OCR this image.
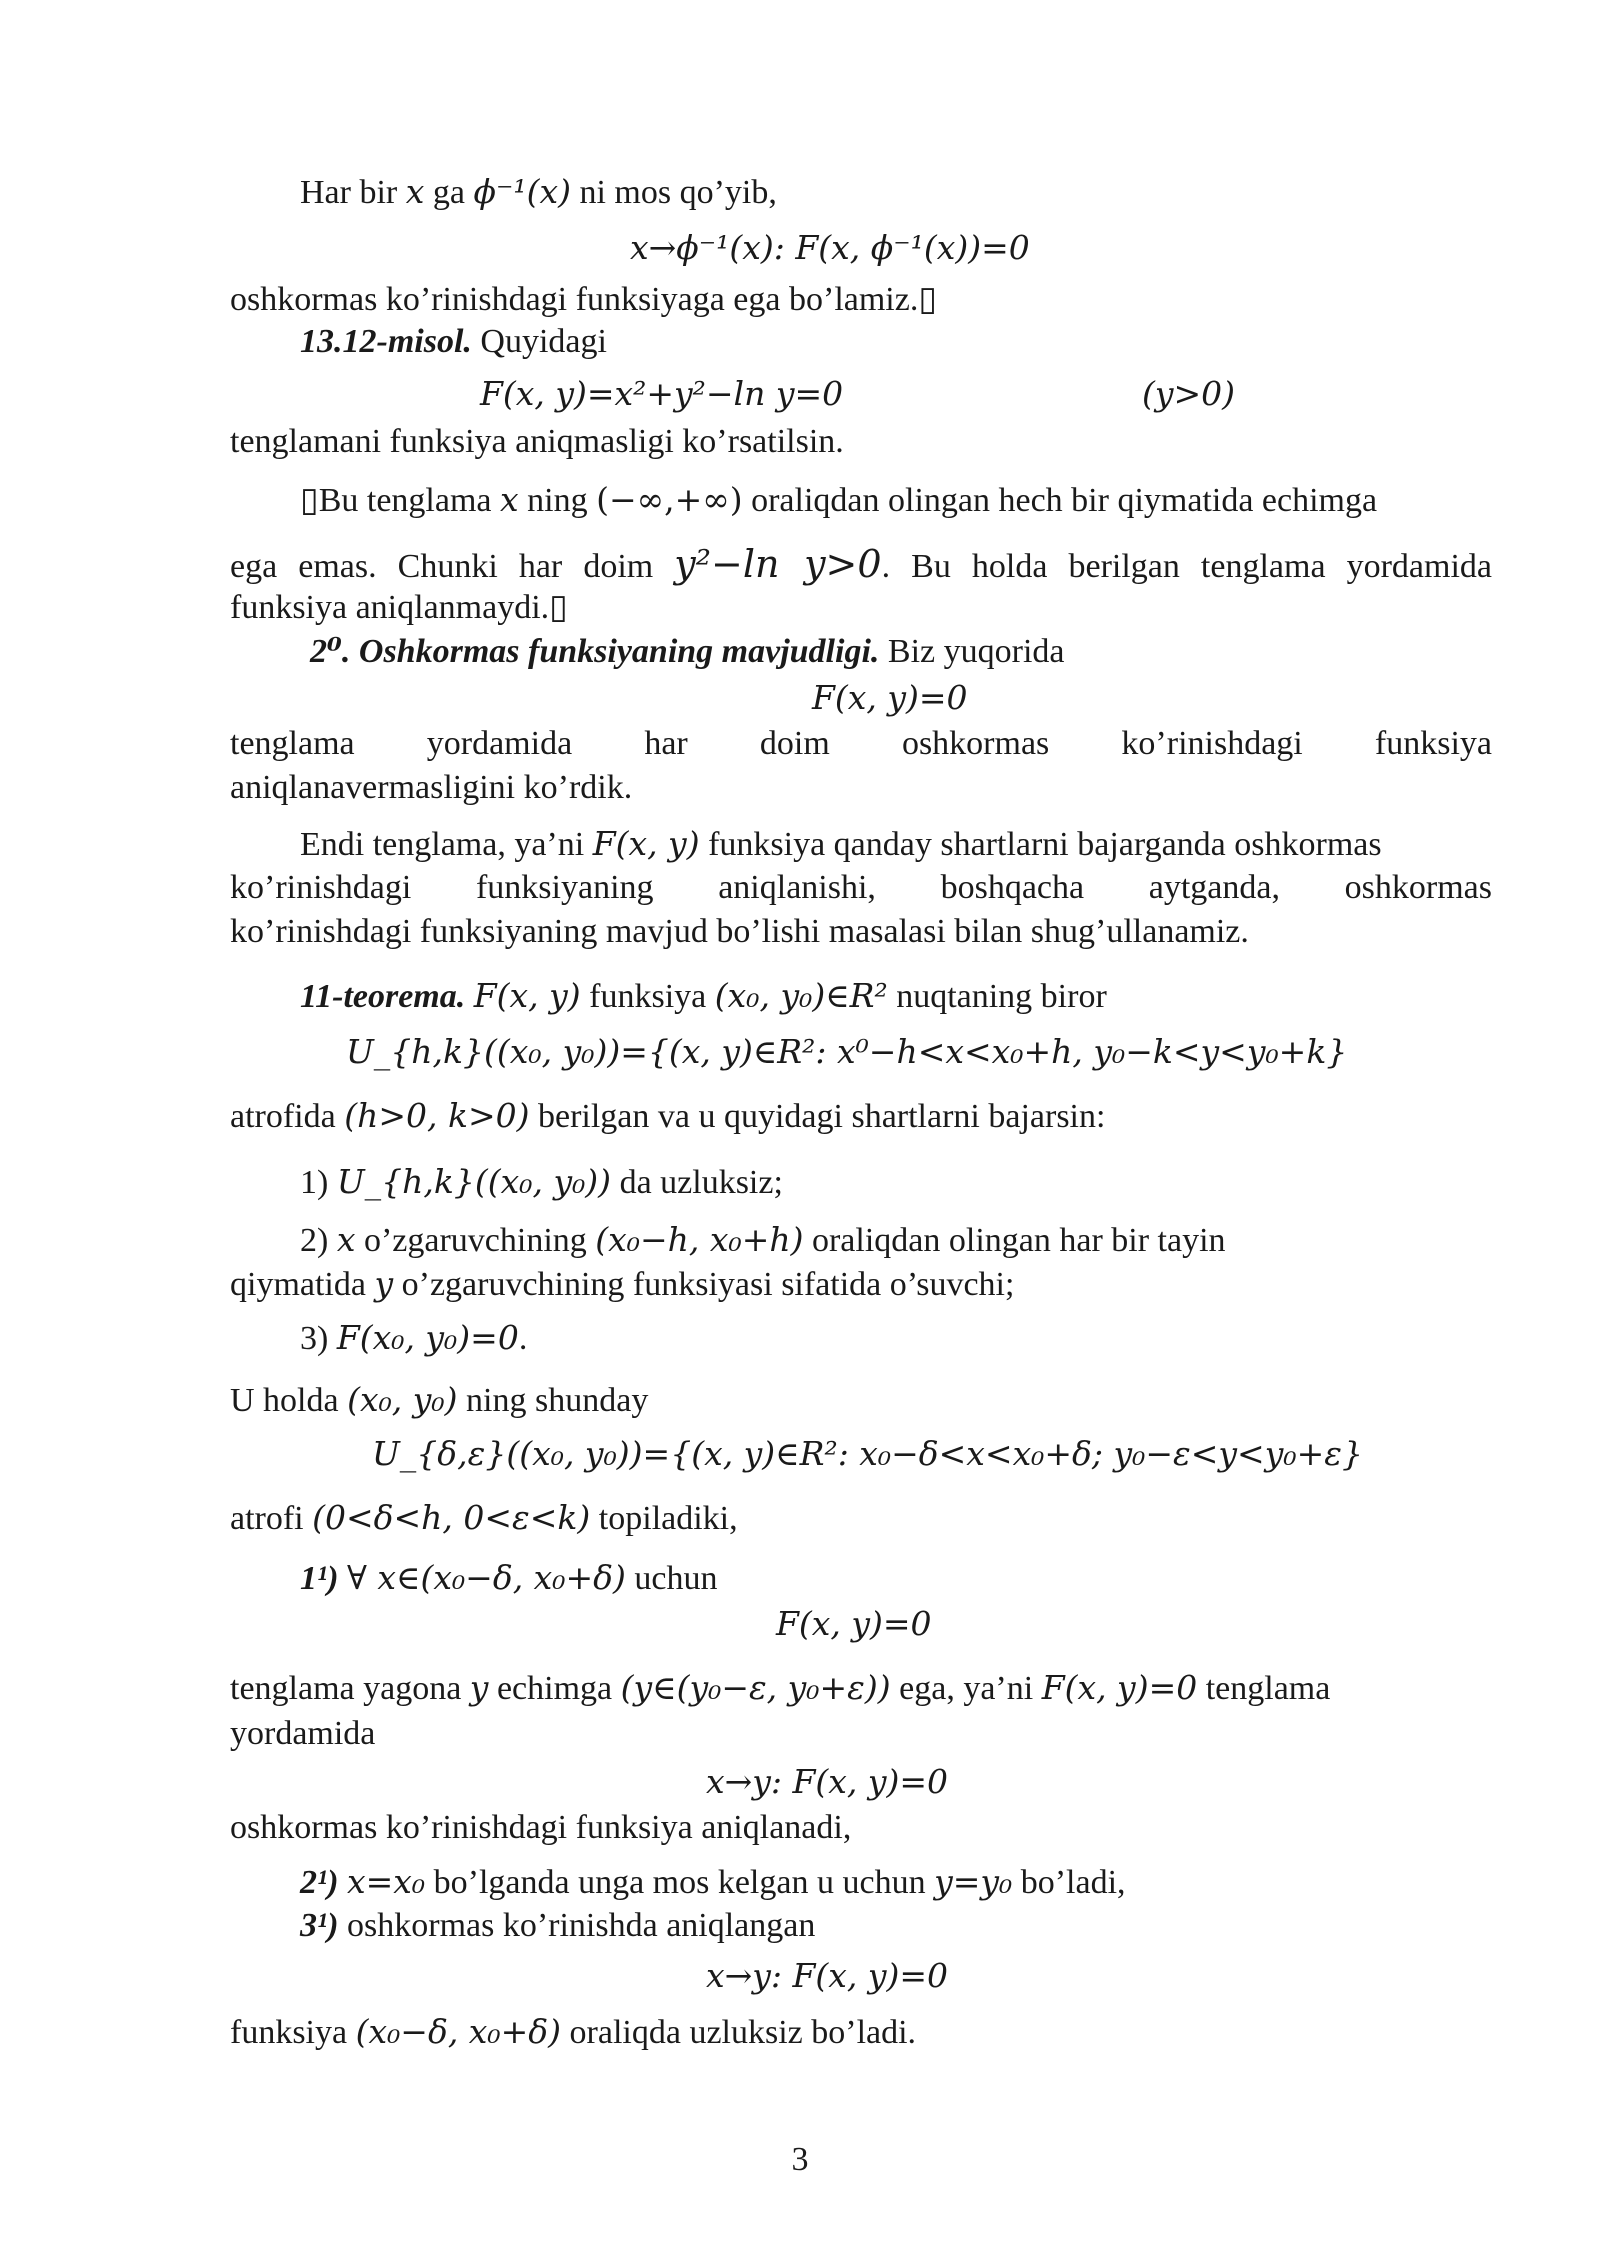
Har bir x ga ϕ⁻¹(x) ni mos qo’yib,
x→ϕ⁻¹(x): F(x, ϕ⁻¹(x))=0
oshkormas ko’rinishdagi funksiyaga ega bo’lamiz.▯
13.12-misol. Quyidagi
F(x, y)=x²+y²−ln y=0	(y>0)
tenglamani funksiya aniqmasligi ko’rsatilsin.
▯Bu tenglama x ning (−∞,+∞) oraliqdan olingan hech bir qiymatida echimga
ega emas. Chunki har doim y²−ln y>0. Bu holda berilgan tenglama yordamida
funksiya aniqlanmaydi.▯
2⁰. Oshkormas funksiyaning mavjudligi. Biz yuqorida
F(x, y)=0
tenglama yordamida har doim oshkormas ko’rinishdagi funksiya
aniqlanavermasligini ko’rdik.
Endi tenglama, ya’ni F(x, y) funksiya qanday shartlarni bajarganda oshkormas
ko’rinishdagi funksiyaning aniqlanishi, boshqacha aytganda, oshkormas
ko’rinishdagi funksiyaning mavjud bo’lishi masalasi bilan shug’ullanamiz.
11-teorema. F(x, y) funksiya (x₀, y₀)∈R² nuqtaning biror
U_{h,k}((x₀, y₀))={(x, y)∈R²: x⁰−h<x<x₀+h, y₀−k<y<y₀+k}
atrofida (h>0, k>0) berilgan va u quyidagi shartlarni bajarsin:
1) U_{h,k}((x₀, y₀)) da uzluksiz;
2) x o’zgaruvchining (x₀−h, x₀+h) oraliqdan olingan har bir tayin
qiymatida y o’zgaruvchining funksiyasi sifatida o’suvchi;
3) F(x₀, y₀)=0.
U holda (x₀, y₀) ning shunday
U_{δ,ε}((x₀, y₀))={(x, y)∈R²: x₀−δ<x<x₀+δ; y₀−ε<y<y₀+ε}
atrofi (0<δ<h, 0<ε<k) topiladiki,
1¹) ∀ x∈(x₀−δ, x₀+δ) uchun
F(x, y)=0
tenglama yagona y echimga (y∈(y₀−ε, y₀+ε)) ega, ya’ni F(x, y)=0 tenglama
yordamida
x→y: F(x, y)=0
oshkormas ko’rinishdagi funksiya aniqlanadi,
2¹) x=x₀ bo’lganda unga mos kelgan u uchun y=y₀ bo’ladi,
3¹) oshkormas ko’rinishda aniqlangan
x→y: F(x, y)=0
funksiya (x₀−δ, x₀+δ) oraliqda uzluksiz bo’ladi.
3
